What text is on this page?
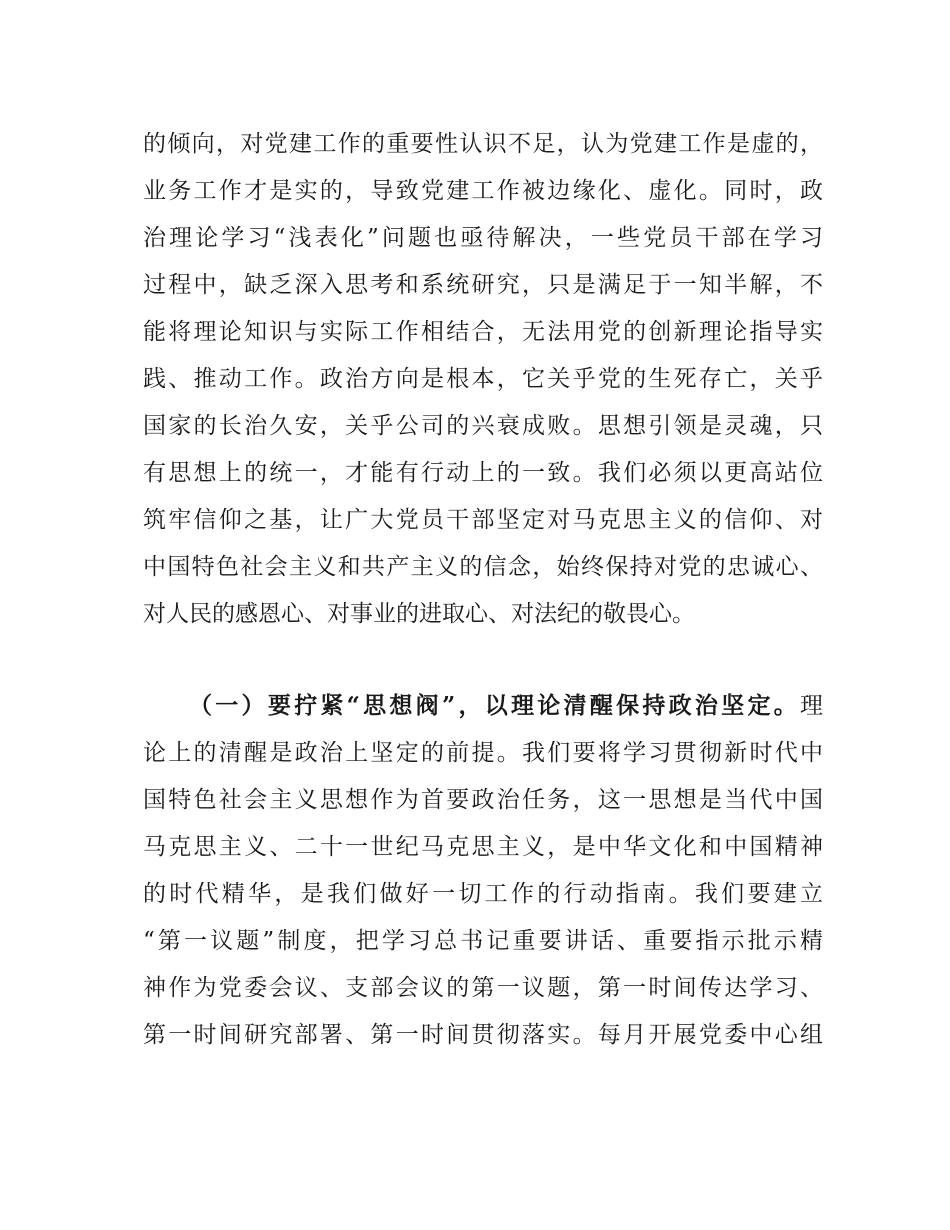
的倾向，对党建工作的重要性认识不足，认为党建工作是虚的，
业务工作才是实的，导致党建工作被边缘化、虚化。同时，政
治理论学习“浅表化”问题也亟待解决，一些党员干部在学习
过程中，缺乏深入思考和系统研究，只是满足于一知半解，不
能将理论知识与实际工作相结合，无法用党的创新理论指导实
践、推动工作。政治方向是根本，它关乎党的生死存亡，关乎
国家的长治久安，关乎公司的兴衰成败。思想引领是灵魂，只
有思想上的统一，才能有行动上的一致。我们必须以更高站位
筑牢信仰之基，让广大党员干部坚定对马克思主义的信仰、对
中国特色社会主义和共产主义的信念，始终保持对党的忠诚心、
对人民的感恩心、对事业的进取心、对法纪的敬畏心。
（一）要拧紧“思想阀”，以理论清醒保持政治坚定。理
论上的清醒是政治上坚定的前提。我们要将学习贯彻新时代中
国特色社会主义思想作为首要政治任务，这一思想是当代中国
马克思主义、二十一世纪马克思主义，是中华文化和中国精神
的时代精华，是我们做好一切工作的行动指南。我们要建立
“第一议题”制度，把学习总书记重要讲话、重要指示批示精
神作为党委会议、支部会议的第一议题，第一时间传达学习、
第一时间研究部署、第一时间贯彻落实。每月开展党委中心组
